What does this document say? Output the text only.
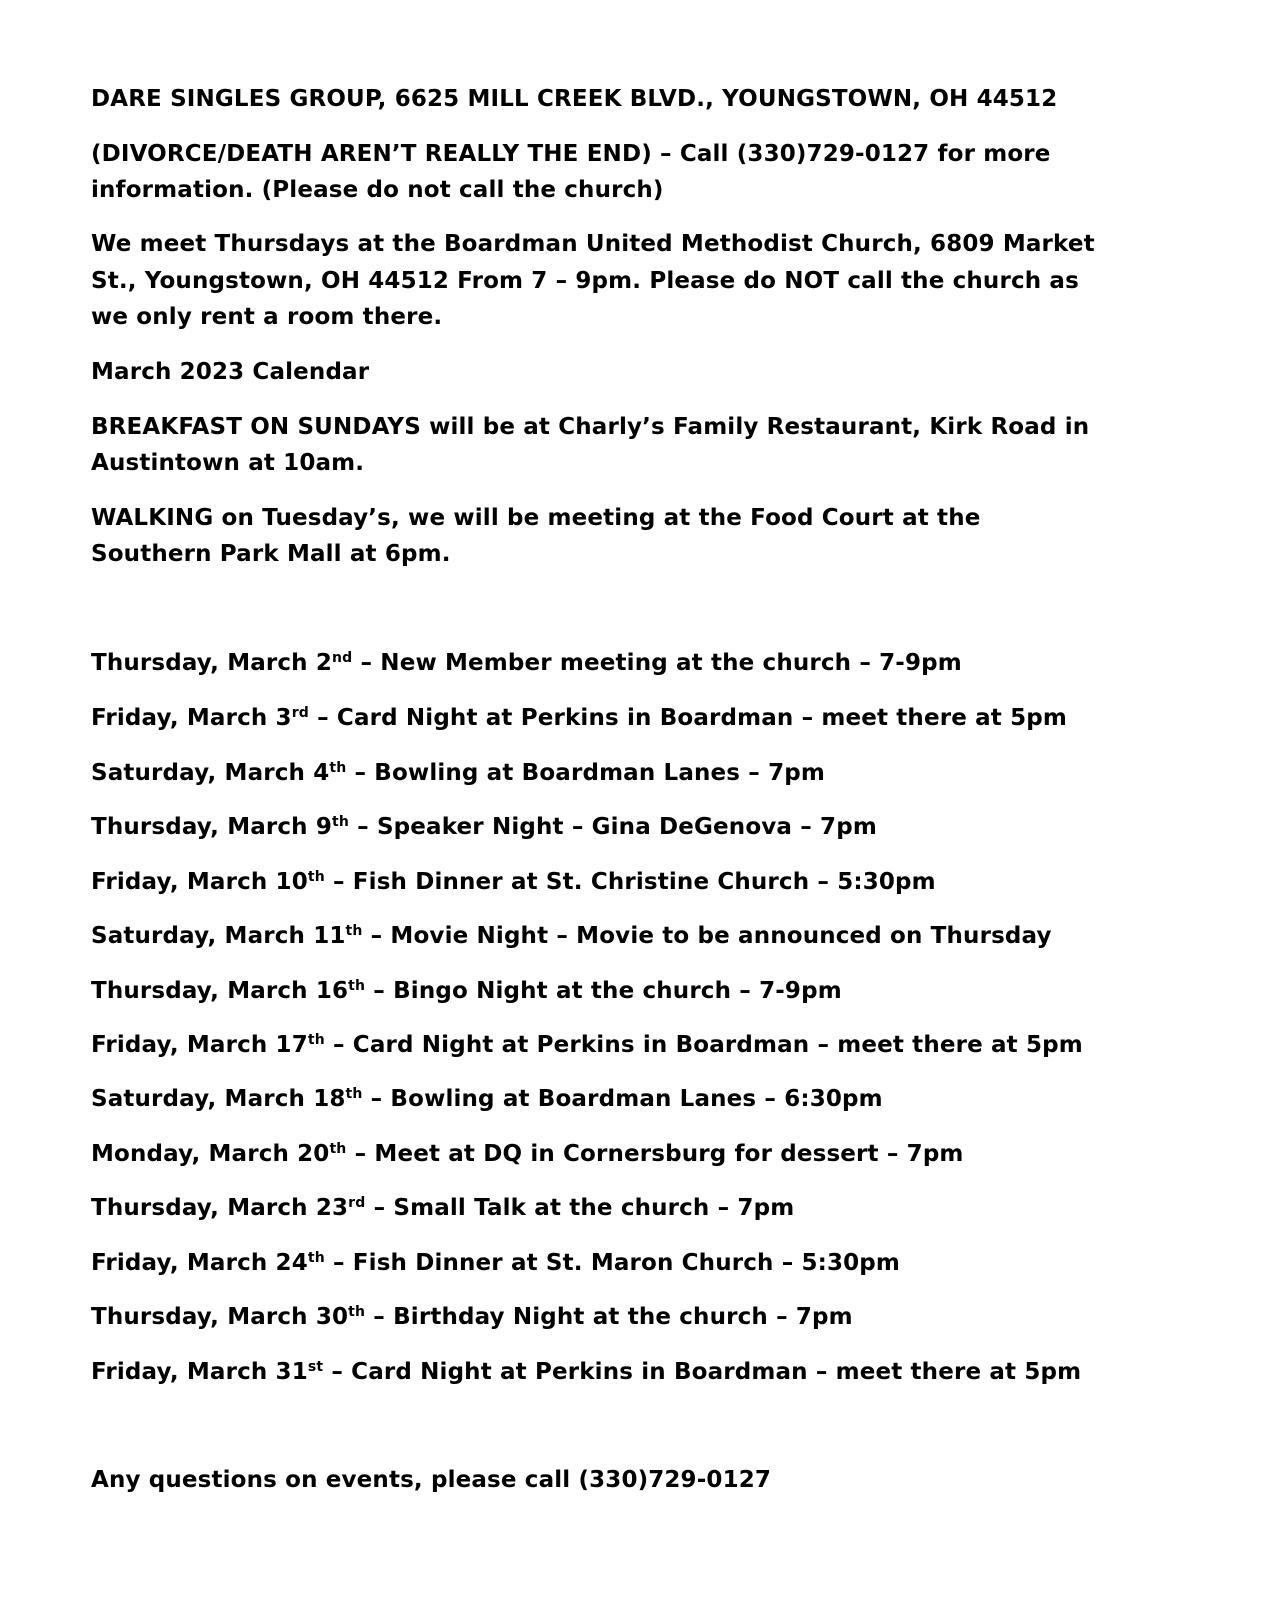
DARE SINGLES GROUP, 6625 MILL CREEK BLVD., YOUNGSTOWN, OH 44512
(DIVORCE/DEATH AREN’T REALLY THE END) – Call (330)729-0127 for more
information. (Please do not call the church)
We meet Thursdays at the Boardman United Methodist Church, 6809 Market
St., Youngstown, OH 44512 From 7 – 9pm. Please do NOT call the church as
we only rent a room there.
March 2023 Calendar
BREAKFAST ON SUNDAYS will be at Charly’s Family Restaurant, Kirk Road in
Austintown at 10am.
WALKING on Tuesday’s, we will be meeting at the Food Court at the
Southern Park Mall at 6pm.
Thursday, March 2nd – New Member meeting at the church – 7-9pm
Friday, March 3rd – Card Night at Perkins in Boardman – meet there at 5pm
Saturday, March 4th – Bowling at Boardman Lanes – 7pm
Thursday, March 9th – Speaker Night – Gina DeGenova – 7pm
Friday, March 10th – Fish Dinner at St. Christine Church – 5:30pm
Saturday, March 11th – Movie Night – Movie to be announced on Thursday
Thursday, March 16th – Bingo Night at the church – 7-9pm
Friday, March 17th – Card Night at Perkins in Boardman – meet there at 5pm
Saturday, March 18th – Bowling at Boardman Lanes – 6:30pm
Monday, March 20th – Meet at DQ in Cornersburg for dessert – 7pm
Thursday, March 23rd – Small Talk at the church – 7pm
Friday, March 24th – Fish Dinner at St. Maron Church – 5:30pm
Thursday, March 30th – Birthday Night at the church – 7pm
Friday, March 31st – Card Night at Perkins in Boardman – meet there at 5pm
Any questions on events, please call (330)729-0127
